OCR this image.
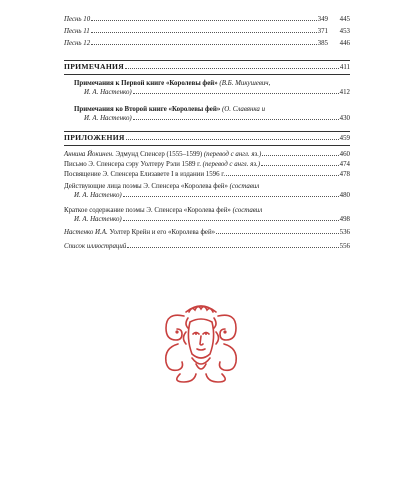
Песнь 10	349 445
Песнь 11	371 453
Песнь 12	385 446
ПРИМЕЧАНИЯ	411
Примечания к Первой книге «Королевы фей» (В.Б. Микушевич,
И. А. Настенко)	412
Примечания ко Второй книге «Королевы фей» (О. Славянка и
И. А. Настенко)	430
ПРИЛОЖЕНИЯ	459
Аннина Йокинен. Эдмунд Спенсер (1555–1599) (перевод с англ. яз.)	460
Письмо Э. Спенсера сэру Уолтеру Рэли 1589 г. (перевод с англ. яз.)	474
Посвящение Э. Спенсера Елизавете I в издании 1596 г.	478
Действующие лица поэмы Э. Спенсера «Королева фей» (составил
И. А. Настенко)	480
Краткое содержание поэмы Э. Спенсера «Королева фей» (составил
И. А. Настенко)	498
Настенко И.А. Уолтер Крейн и его «Королева фей»	536
Список иллюстраций	556
